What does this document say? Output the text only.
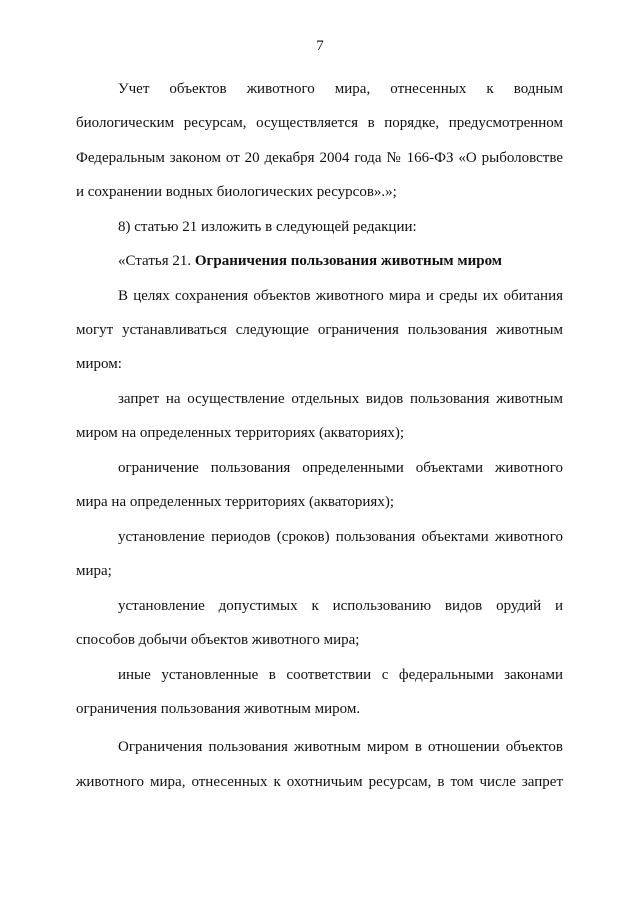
7
Учет объектов животного мира, отнесенных к водным
биологическим ресурсам, осуществляется в порядке, предусмотренном
Федеральным законом от 20 декабря 2004 года № 166-ФЗ «О рыболовстве
и сохранении водных биологических ресурсов».»;
8) статью 21 изложить в следующей редакции:
«Статья 21. Ограничения пользования животным миром
В целях сохранения объектов животного мира и среды их обитания
могут устанавливаться следующие ограничения пользования животным
миром:
запрет на осуществление отдельных видов пользования животным
миром на определенных территориях (акваториях);
ограничение пользования определенными объектами животного
мира на определенных территориях (акваториях);
установление периодов (сроков) пользования объектами животного
мира;
установление допустимых к использованию видов орудий и
способов добычи объектов животного мира;
иные установленные в соответствии с федеральными законами
ограничения пользования животным миром.
Ограничения пользования животным миром в отношении объектов
животного мира, отнесенных к охотничьим ресурсам, в том числе запрет
